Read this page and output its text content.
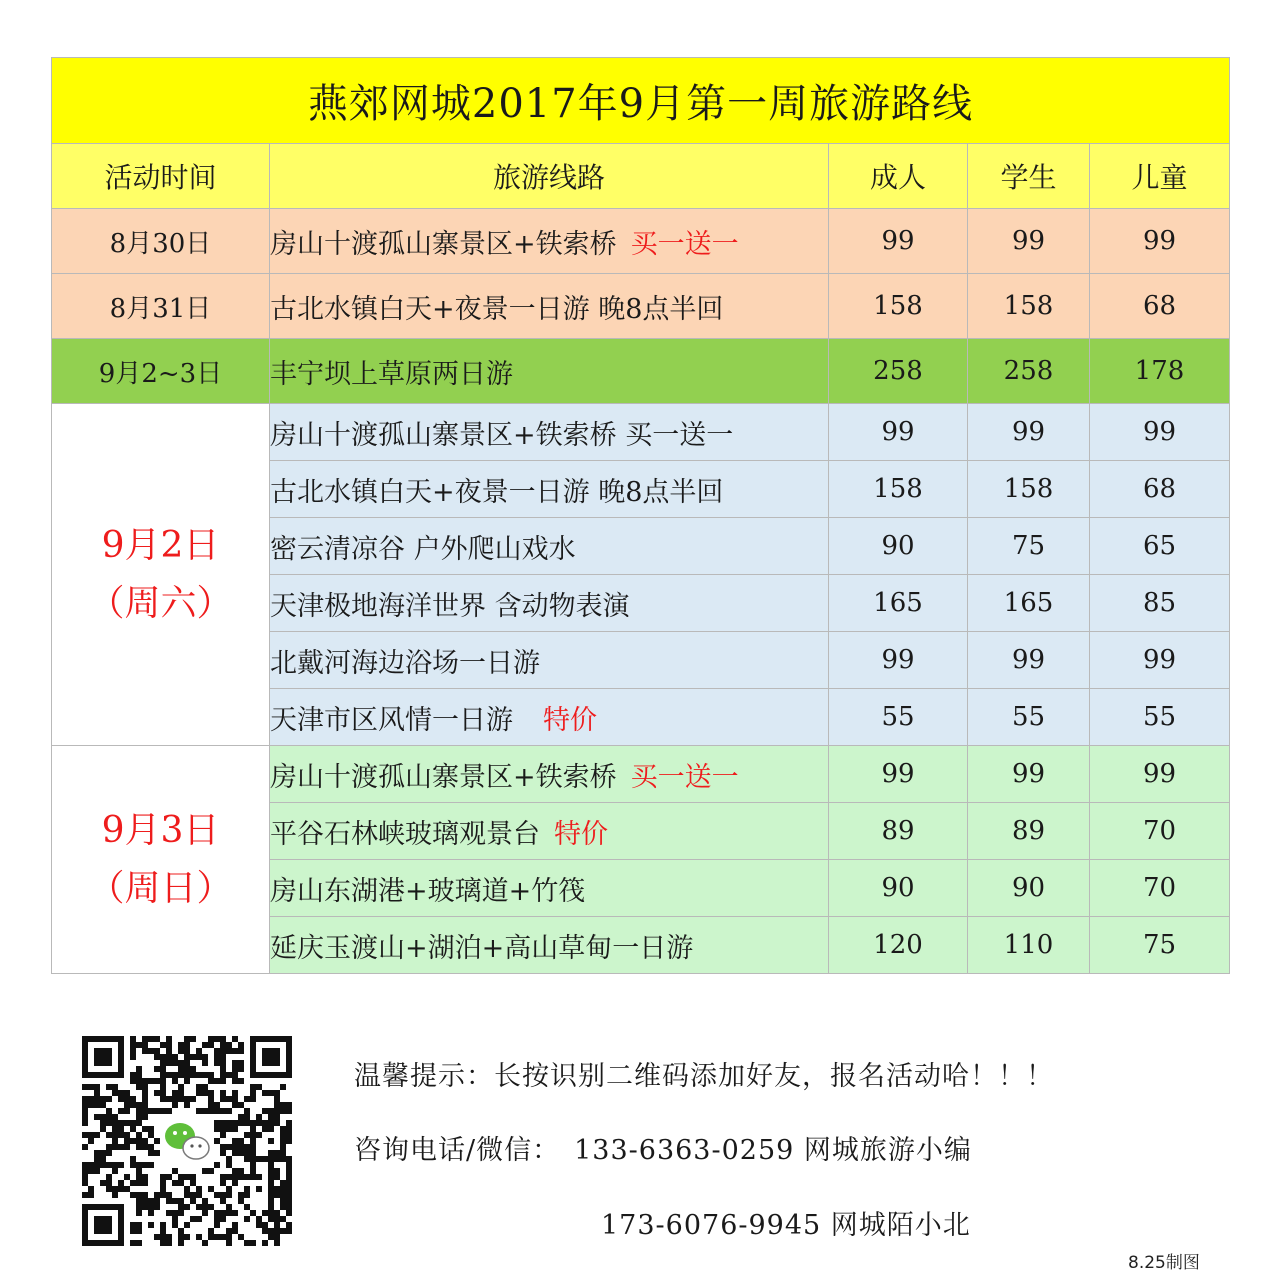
燕郊网城2017年9月第一周旅游路线				
活动时间	旅游线路	成人	学生	儿童
8月30日	房山十渡孤山寨景区+铁索桥 买一送一	99	99	99
8月31日	古北水镇白天+夜景一日游 晚8点半回	158	158	68
9月2~3日	丰宁坝上草原两日游	258	258	178

9月2日
（周六）	房山十渡孤山寨景区+铁索桥 买一送一	99	99	99
	古北水镇白天+夜景一日游 晚8点半回	158	158	68
	密云清凉谷 户外爬山戏水	90	75	65
	天津极地海洋世界 含动物表演	165	165	85
	北戴河海边浴场一日游	99	99	99
	天津市区风情一日游 特价	55	55	55

9月3日
（周日）	房山十渡孤山寨景区+铁索桥 买一送一	99	99	99
	平谷石林峡玻璃观景台 特价	89	89	70
	房山东湖港+玻璃道+竹筏	90	90	70
	延庆玉渡山+湖泊+高山草甸一日游	120	110	75
温馨提示：长按识别二维码添加好友，报名活动哈！！！
咨询电话/微信： 133-6363-0259 网城旅游小编
173-6076-9945 网城陌小北
8.25制图
